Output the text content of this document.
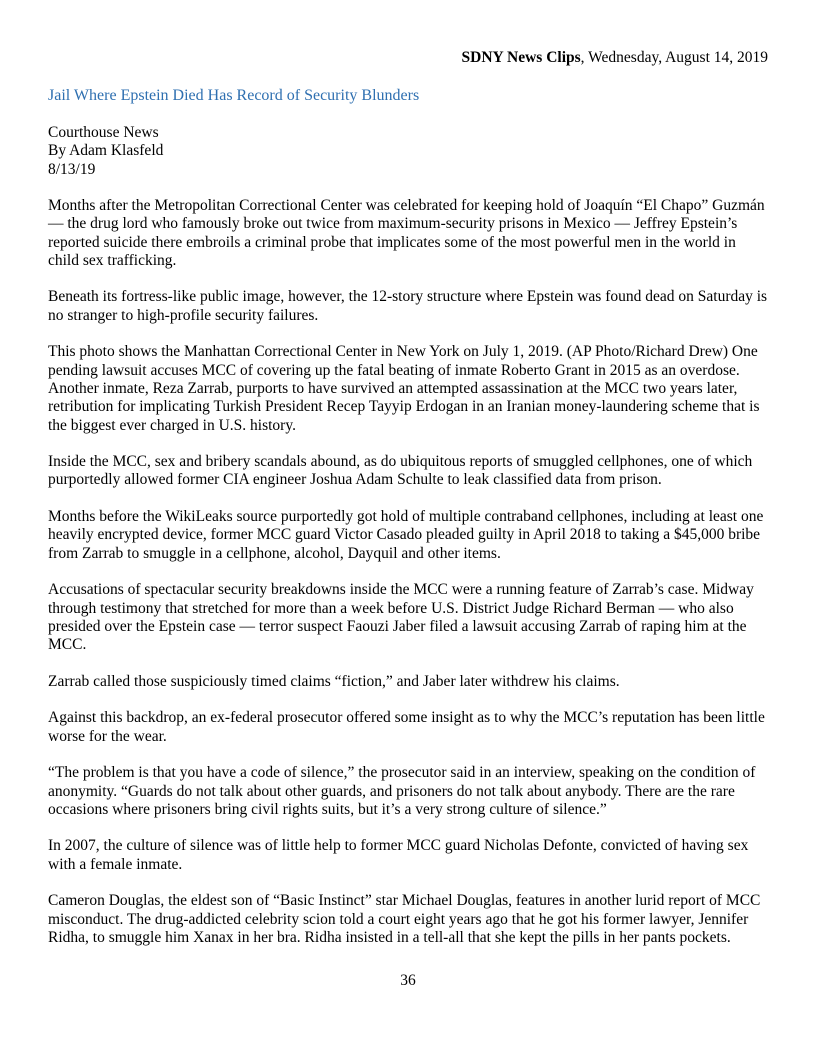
SDNY News Clips, Wednesday, August 14, 2019
Jail Where Epstein Died Has Record of Security Blunders
Courthouse News
By Adam Klasfeld
8/13/19

Months after the Metropolitan Correctional Center was celebrated for keeping hold of Joaquín “El Chapo” Guzmán — the drug lord who famously broke out twice from maximum-security prisons in Mexico — Jeffrey Epstein’s reported suicide there embroils a criminal probe that implicates some of the most powerful men in the world in child sex trafficking.

Beneath its fortress-like public image, however, the 12-story structure where Epstein was found dead on Saturday is no stranger to high-profile security failures.

This photo shows the Manhattan Correctional Center in New York on July 1, 2019. (AP Photo/Richard Drew) One pending lawsuit accuses MCC of covering up the fatal beating of inmate Roberto Grant in 2015 as an overdose. Another inmate, Reza Zarrab, purports to have survived an attempted assassination at the MCC two years later, retribution for implicating Turkish President Recep Tayyip Erdogan in an Iranian money-laundering scheme that is the biggest ever charged in U.S. history.

Inside the MCC, sex and bribery scandals abound, as do ubiquitous reports of smuggled cellphones, one of which purportedly allowed former CIA engineer Joshua Adam Schulte to leak classified data from prison.

Months before the WikiLeaks source purportedly got hold of multiple contraband cellphones, including at least one heavily encrypted device, former MCC guard Victor Casado pleaded guilty in April 2018 to taking a $45,000 bribe from Zarrab to smuggle in a cellphone, alcohol, Dayquil and other items.

Accusations of spectacular security breakdowns inside the MCC were a running feature of Zarrab’s case. Midway through testimony that stretched for more than a week before U.S. District Judge Richard Berman — who also presided over the Epstein case — terror suspect Faouzi Jaber filed a lawsuit accusing Zarrab of raping him at the MCC.

Zarrab called those suspiciously timed claims “fiction,” and Jaber later withdrew his claims.

Against this backdrop, an ex-federal prosecutor offered some insight as to why the MCC’s reputation has been little worse for the wear.

“The problem is that you have a code of silence,” the prosecutor said in an interview, speaking on the condition of anonymity. “Guards do not talk about other guards, and prisoners do not talk about anybody. There are the rare occasions where prisoners bring civil rights suits, but it’s a very strong culture of silence.”

In 2007, the culture of silence was of little help to former MCC guard Nicholas Defonte, convicted of having sex with a female inmate.

Cameron Douglas, the eldest son of “Basic Instinct” star Michael Douglas, features in another lurid report of MCC misconduct. The drug-addicted celebrity scion told a court eight years ago that he got his former lawyer, Jennifer Ridha, to smuggle him Xanax in her bra. Ridha insisted in a tell-all that she kept the pills in her pants pockets.

36
